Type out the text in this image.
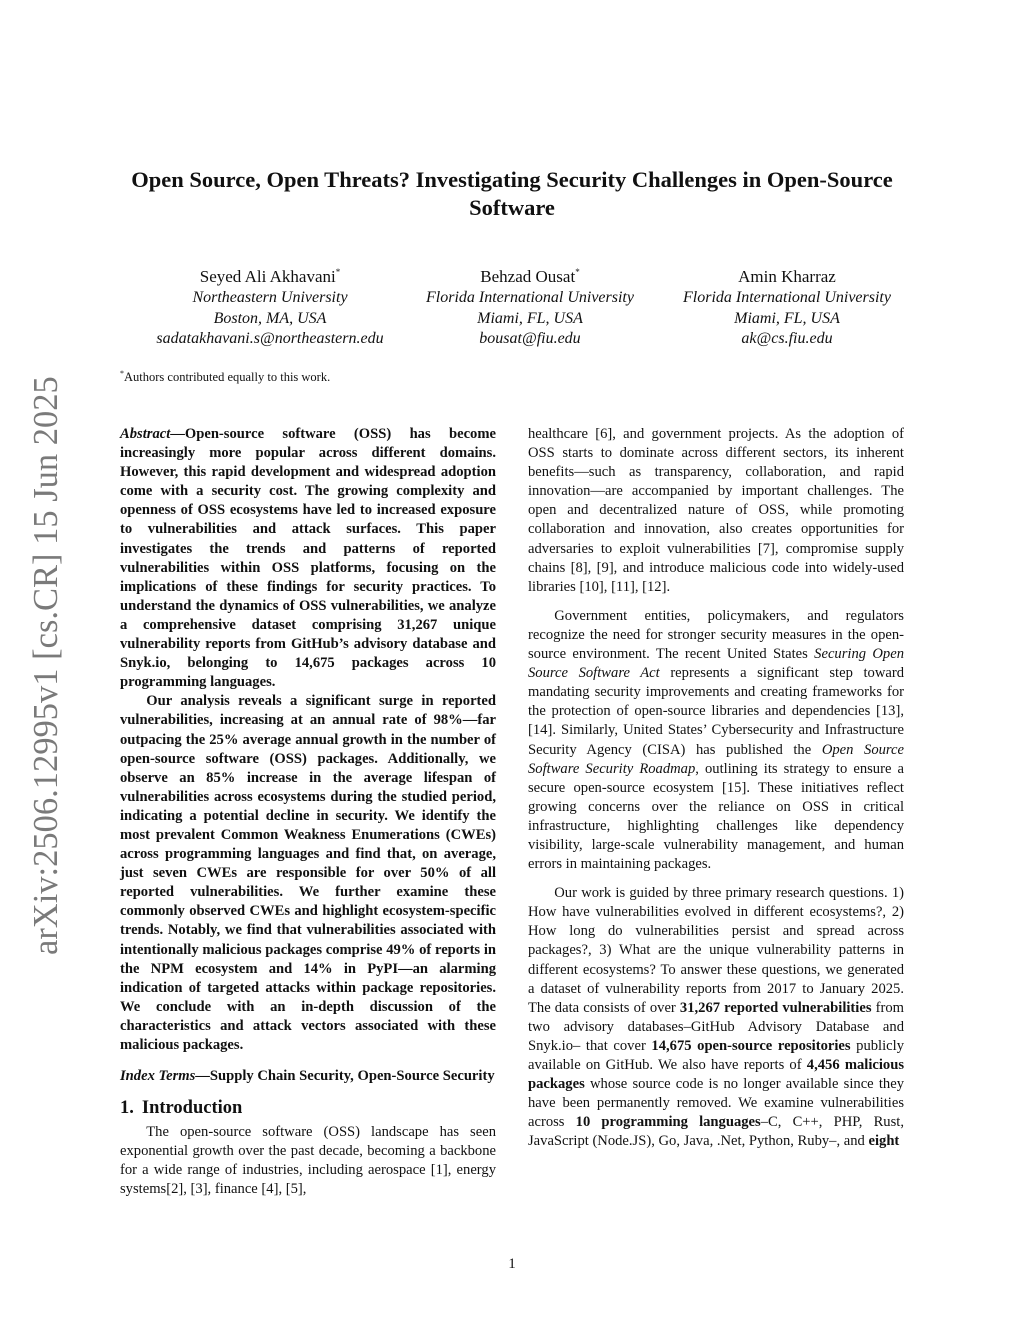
arXiv:2506.12995v1 [cs.CR] 15 Jun 2025
Open Source, Open Threats? Investigating Security Challenges in Open-Source Software
Seyed Ali Akhavani*
Northeastern University
Boston, MA, USA
sadatakhavani.s@northeastern.edu
Behzad Ousat*
Florida International University
Miami, FL, USA
bousat@fiu.edu
Amin Kharraz
Florida International University
Miami, FL, USA
ak@cs.fiu.edu
*Authors contributed equally to this work.

Abstract—Open-source software (OSS) has become increasingly more popular across different domains. However, this rapid development and widespread adoption come with a security cost. The growing complexity and openness of OSS ecosystems have led to increased exposure to vulnerabilities and attack surfaces. This paper investigates the trends and patterns of reported vulnerabilities within OSS platforms, focusing on the implications of these findings for security practices. To understand the dynamics of OSS vulnerabilities, we analyze a comprehensive dataset comprising 31,267 unique vulnerability reports from GitHub’s advisory database and Snyk.io, belonging to 14,675 packages across 10 programming languages.

Our analysis reveals a significant surge in reported vulnerabilities, increasing at an annual rate of 98%—far outpacing the 25% average annual growth in the number of open-source software (OSS) packages. Additionally, we observe an 85% increase in the average lifespan of vulnerabilities across ecosystems during the studied period, indicating a potential decline in security. We identify the most prevalent Common Weakness Enumerations (CWEs) across programming languages and find that, on average, just seven CWEs are responsible for over 50% of all reported vulnerabilities. We further examine these commonly observed CWEs and highlight ecosystem-specific trends. Notably, we find that vulnerabilities associated with intentionally malicious packages comprise 49% of reports in the NPM ecosystem and 14% in PyPI—an alarming indication of targeted attacks within package repositories. We conclude with an in-depth discussion of the characteristics and attack vectors associated with these malicious packages.

Index Terms—Supply Chain Security, Open-Source Security

1. Introduction

The open-source software (OSS) landscape has seen exponential growth over the past decade, becoming a backbone for a wide range of industries, including aerospace [1], energy systems[2], [3], finance [4], [5],

healthcare [6], and government projects. As the adoption of OSS starts to dominate across different sectors, its inherent benefits—such as transparency, collaboration, and rapid innovation—are accompanied by important challenges. The open and decentralized nature of OSS, while promoting collaboration and innovation, also creates opportunities for adversaries to exploit vulnerabilities [7], compromise supply chains [8], [9], and introduce malicious code into widely-used libraries [10], [11], [12].

Government entities, policymakers, and regulators recognize the need for stronger security measures in the open-source environment. The recent United States Securing Open Source Software Act represents a significant step toward mandating security improvements and creating frameworks for the protection of open-source libraries and dependencies [13], [14]. Similarly, United States’ Cybersecurity and Infrastructure Security Agency (CISA) has published the Open Source Software Security Roadmap, outlining its strategy to ensure a secure open-source ecosystem [15]. These initiatives reflect growing concerns over the reliance on OSS in critical infrastructure, highlighting challenges like dependency visibility, large-scale vulnerability management, and human errors in maintaining packages.

Our work is guided by three primary research questions. 1) How have vulnerabilities evolved in different ecosystems?, 2) How long do vulnerabilities persist and spread across packages?, 3) What are the unique vulnerability patterns in different ecosystems? To answer these questions, we generated a dataset of vulnerability reports from 2017 to January 2025. The data consists of over 31,267 reported vulnerabilities from two advisory databases–GitHub Advisory Database and Snyk.io– that cover 14,675 open-source repositories publicly available on GitHub. We also have reports of 4,456 malicious packages whose source code is no longer available since they have been permanently removed. We examine vulnerabilities across 10 programming languages–C, C++, PHP, Rust, JavaScript (Node.JS), Go, Java, .Net, Python, Ruby–, and eight

1
